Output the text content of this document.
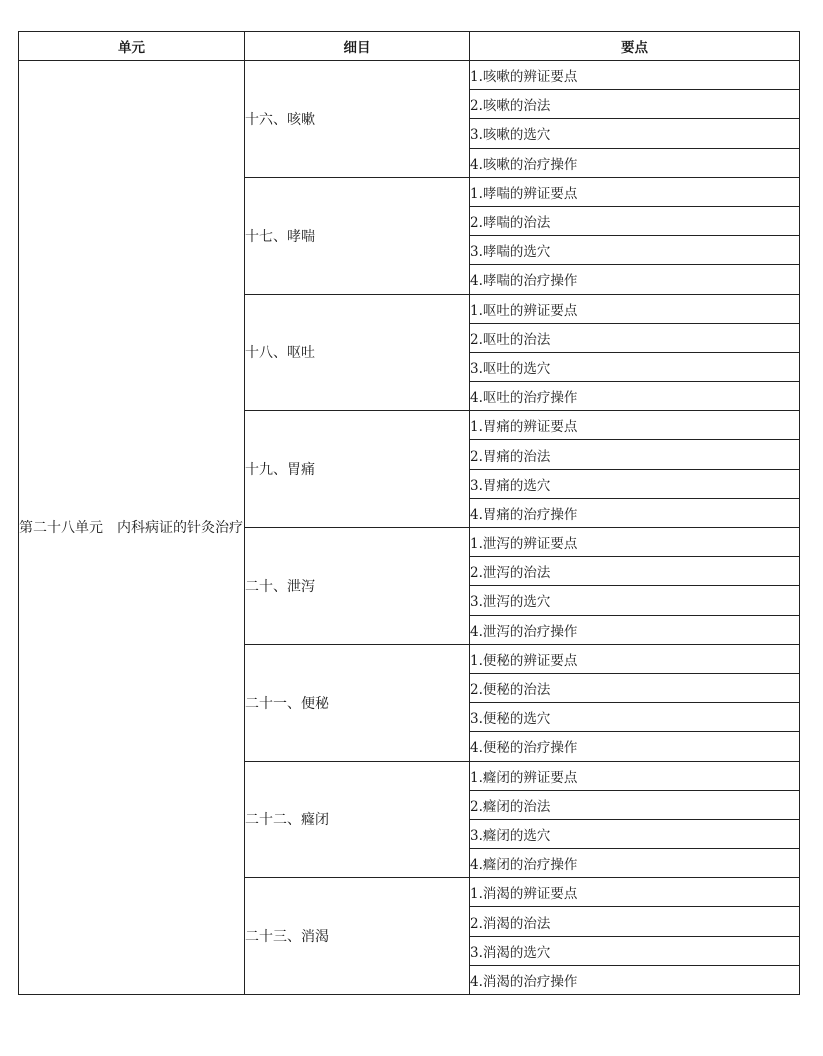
单元	细目	要点
第二十八单元　内科病证的针灸治疗	十六、咳嗽	1.咳嗽的辨证要点
		2.咳嗽的治法
		3.咳嗽的选穴
		4.咳嗽的治疗操作
	十七、哮喘	1.哮喘的辨证要点
		2.哮喘的治法
		3.哮喘的选穴
		4.哮喘的治疗操作
	十八、呕吐	1.呕吐的辨证要点
		2.呕吐的治法
		3.呕吐的选穴
		4.呕吐的治疗操作
	十九、胃痛	1.胃痛的辨证要点
		2.胃痛的治法
		3.胃痛的选穴
		4.胃痛的治疗操作
	二十、泄泻	1.泄泻的辨证要点
		2.泄泻的治法
		3.泄泻的选穴
		4.泄泻的治疗操作
	二十一、便秘	1.便秘的辨证要点
		2.便秘的治法
		3.便秘的选穴
		4.便秘的治疗操作
	二十二、癃闭	1.癃闭的辨证要点
		2.癃闭的治法
		3.癃闭的选穴
		4.癃闭的治疗操作
	二十三、消渴	1.消渴的辨证要点
		2.消渴的治法
		3.消渴的选穴
		4.消渴的治疗操作
